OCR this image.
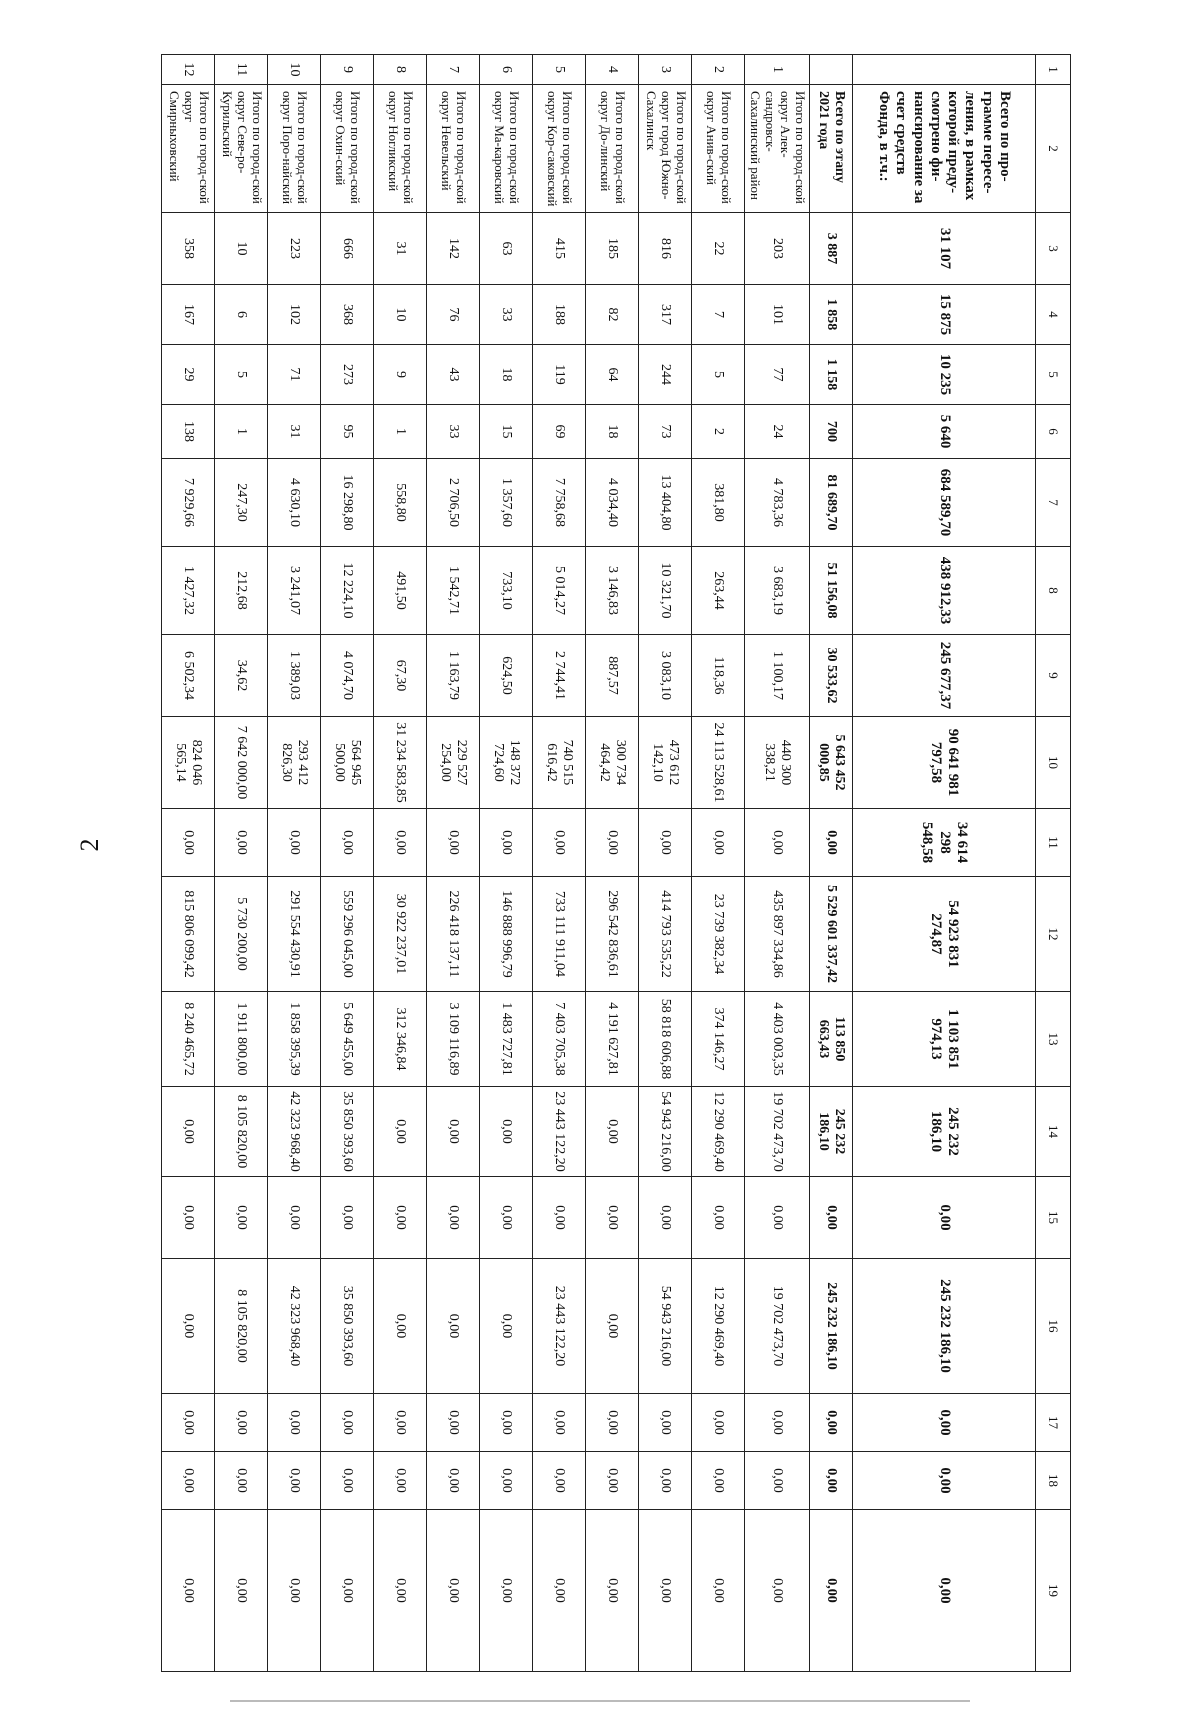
2
1	2	3	4	5	6	7	8	9	10	11	12	13	14	15	16	17	18	19
	Всего по про-грамме пересе-ления, в рамках которой преду-смотрено фи-нансирование за счет средств Фонда, в т.ч.:	31 107	15 875	10 235	5 640	684 589,70	438 912,33	245 677,37	90 641 981 797,58	34 614 298 548,58	54 923 831 274,87	1 103 851 974,13	245 232 186,10	0,00	245 232 186,10	0,00	0,00	0,00
	Всего по этапу 2021 года	3 887	1 858	1 158	700	81 689,70	51 156,08	30 533,62	5 643 452 000,85	0,00	5 529 601 337,42	113 850 663,43	245 232 186,10	0,00	245 232 186,10	0,00	0,00	0,00
1	Итого по город-ской округ Алек-сандровск-Сахалинский район	203	101	77	24	4 783,36	3 683,19	1 100,17	440 300 338,21	0,00	435 897 334,86	4 403 003,35	19 702 473,70	0,00	19 702 473,70	0,00	0,00	0,00
2	Итого по город-ской округ Анив-ский	22	7	5	2	381,80	263,44	118,36	24 113 528,61	0,00	23 739 382,34	374 146,27	12 290 469,40	0,00	12 290 469,40	0,00	0,00	0,00
3	Итого по город-ской округ город Южно-Сахалинск	816	317	244	73	13 404,80	10 321,70	3 083,10	473 612 142,10	0,00	414 793 535,22	58 818 606,88	54 943 216,00	0,00	54 943 216,00	0,00	0,00	0,00
4	Итого по город-ской округ До-линский	185	82	64	18	4 034,40	3 146,83	887,57	300 734 464,42	0,00	296 542 836,61	4 191 627,81	0,00	0,00	0,00	0,00	0,00	0,00
5	Итого по город-ской округ Кор-саковский	415	188	119	69	7 758,68	5 014,27	2 744,41	740 515 616,42	0,00	733 111 911,04	7 403 705,38	23 443 122,20	0,00	23 443 122,20	0,00	0,00	0,00
6	Итого по город-ской округ Ма-каровский	63	33	18	15	1 357,60	733,10	624,50	148 372 724,60	0,00	146 888 996,79	1 483 727,81	0,00	0,00	0,00	0,00	0,00	0,00
7	Итого по город-ской округ Невельский	142	76	43	33	2 706,50	1 542,71	1 163,79	229 527 254,00	0,00	226 418 137,11	3 109 116,89	0,00	0,00	0,00	0,00	0,00	0,00
8	Итого по город-ской округ Ногликский	31	10	9	1	558,80	491,50	67,30	31 234 583,85	0,00	30 922 237,01	312 346,84	0,00	0,00	0,00	0,00	0,00	0,00
9	Итого по город-ской округ Охин-ский	666	368	273	95	16 298,80	12 224,10	4 074,70	564 945 500,00	0,00	559 296 045,00	5 649 455,00	35 850 393,60	0,00	35 850 393,60	0,00	0,00	0,00
10	Итого по город-ской округ Поро-найский	223	102	71	31	4 630,10	3 241,07	1 389,03	293 412 826,30	0,00	291 554 430,91	1 858 395,39	42 323 968,40	0,00	42 323 968,40	0,00	0,00	0,00
11	Итого по город-ской округ Севе-ро-Курильский	10	6	5	1	247,30	212,68	34,62	7 642 000,00	0,00	5 730 200,00	1 911 800,00	8 105 820,00	0,00	8 105 820,00	0,00	0,00	0,00
12	Итого по город-ской округ Смирныховский	358	167	29	138	7 929,66	1 427,32	6 502,34	824 046 565,14	0,00	815 806 099,42	8 240 465,72	0,00	0,00	0,00	0,00	0,00	0,00
